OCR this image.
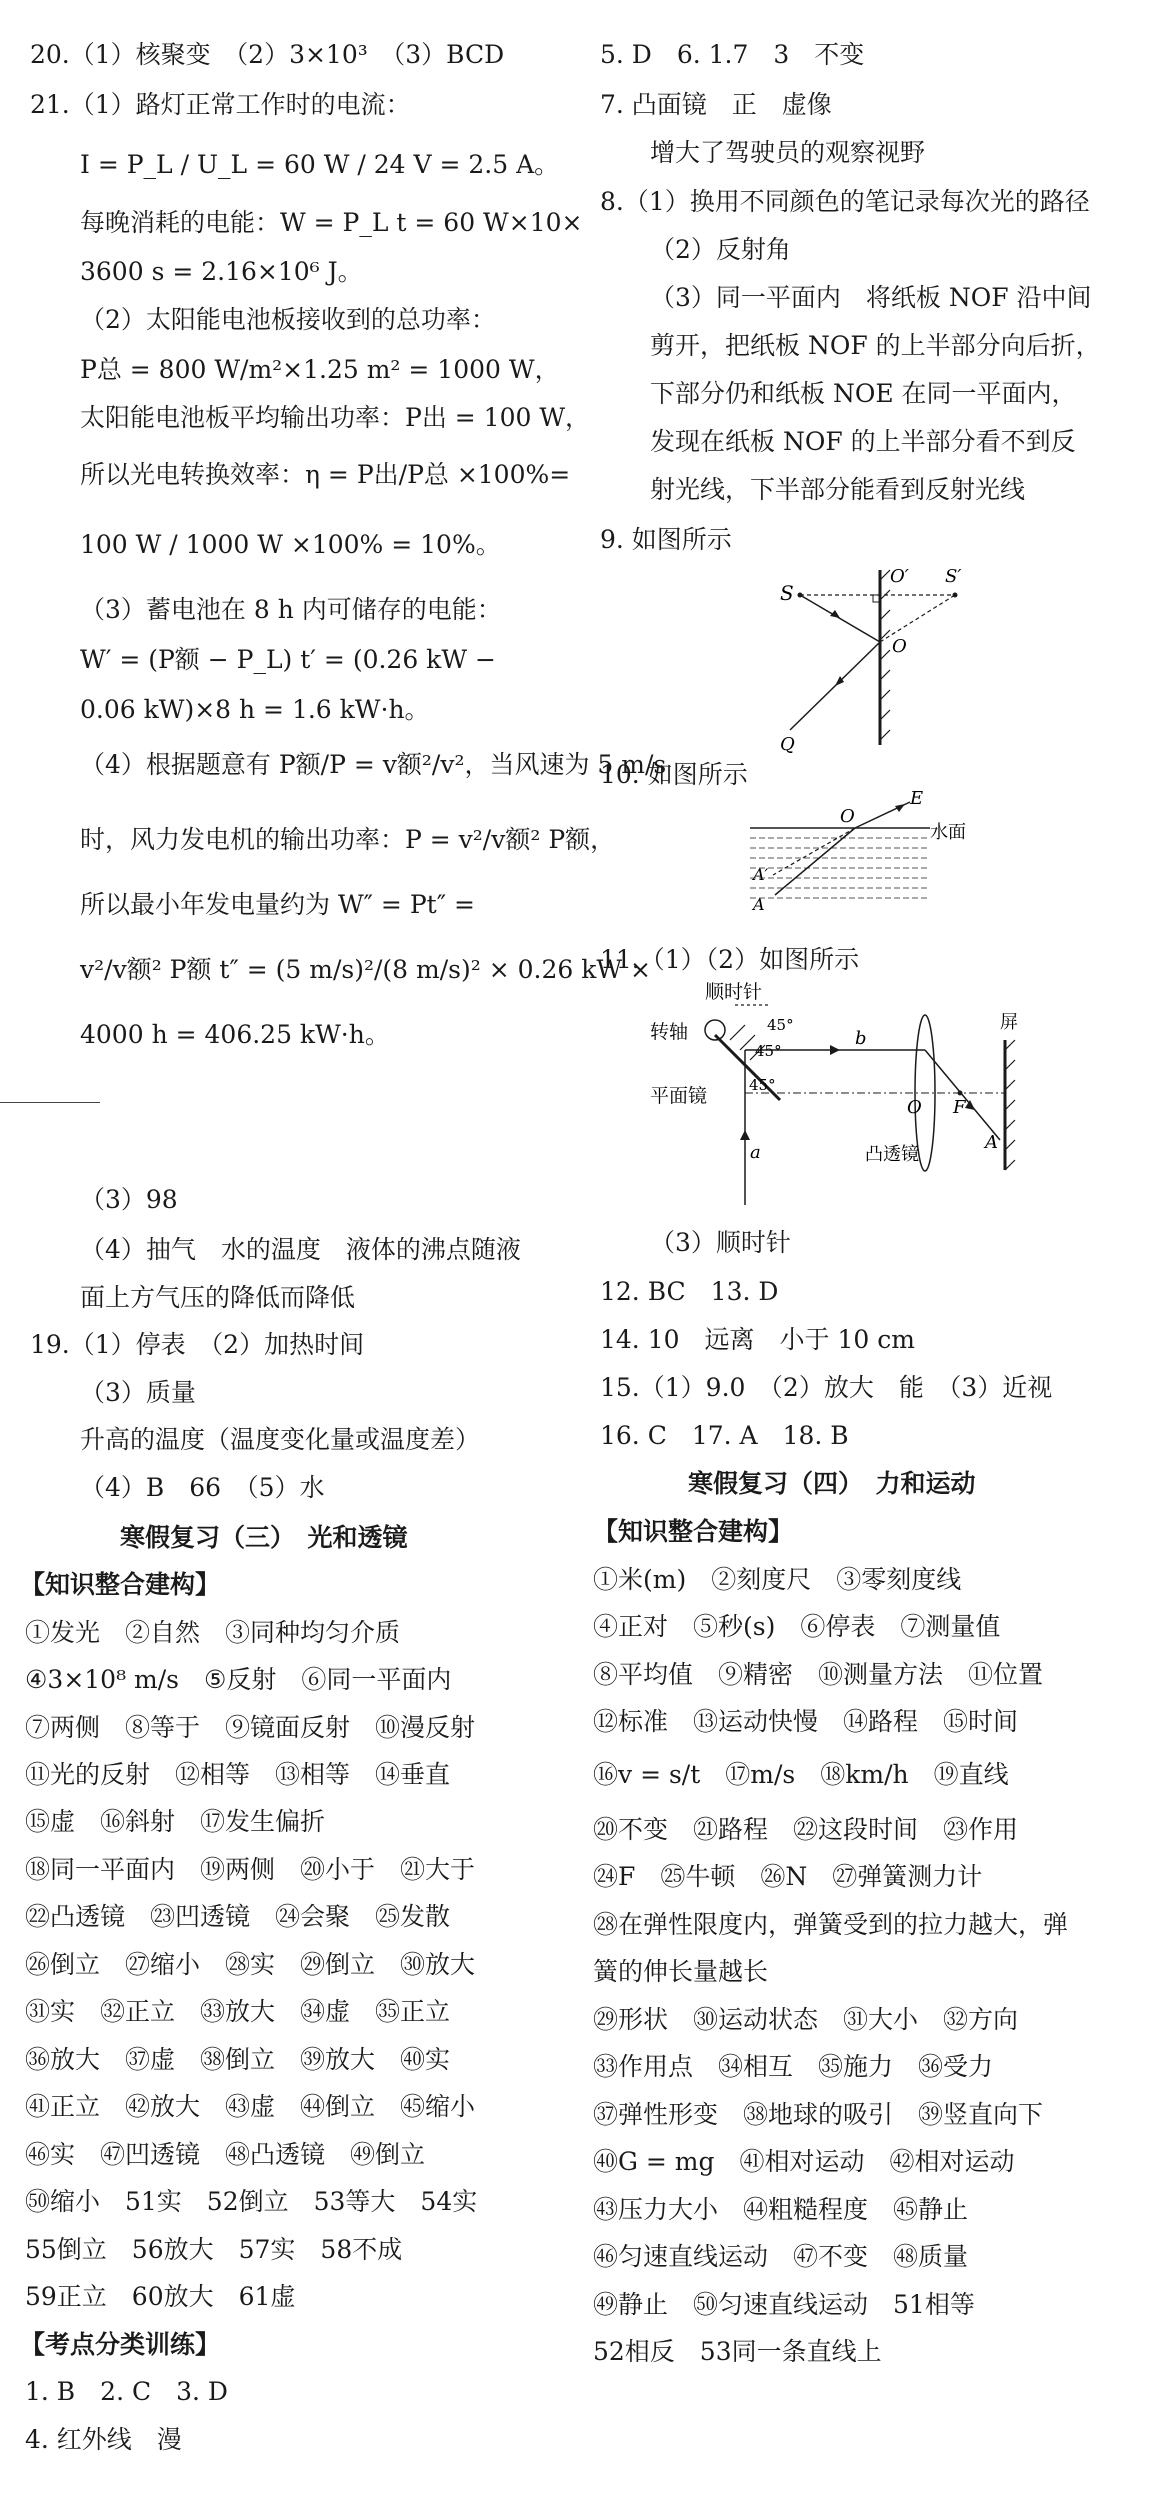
20.（1）核聚变　（2）3×10³　（3）BCD
21.（1）路灯正常工作时的电流：
I = P_L / U_L = 60 W / 24 V = 2.5 A。
每晚消耗的电能：W = P_L t = 60 W×10×
3600 s = 2.16×10⁶ J。
（2）太阳能电池板接收到的总功率：
P总 = 800 W/m²×1.25 m² = 1000 W，
太阳能电池板平均输出功率：P出 = 100 W，
所以光电转换效率：η = P出/P总 ×100%=
100 W / 1000 W ×100% = 10%。
（3）蓄电池在 8 h 内可储存的电能：
W′ = (P额 − P_L) t′ = (0.26 kW −
0.06 kW)×8 h = 1.6 kW·h。
（4）根据题意有 P额/P = v额²/v²，当风速为 5 m/s
时，风力发电机的输出功率：P = v²/v额² P额，
所以最小年发电量约为 W″ = Pt″ =
v²/v额² P额 t″ = (5 m/s)²/(8 m/s)² × 0.26 kW ×
4000 h = 406.25 kW·h。
（3）98
（4）抽气　水的温度　液体的沸点随液
面上方气压的降低而降低
19.（1）停表　（2）加热时间
（3）质量
升高的温度（温度变化量或温度差）
（4）B　66　（5）水
寒假复习（三）　光和透镜
【知识整合建构】
①发光　②自然　③同种均匀介质
④3×10⁸ m/s　⑤反射　⑥同一平面内
⑦两侧　⑧等于　⑨镜面反射　⑩漫反射
⑪光的反射　⑫相等　⑬相等　⑭垂直
⑮虚　⑯斜射　⑰发生偏折
⑱同一平面内　⑲两侧　⑳小于　㉑大于
㉒凸透镜　㉓凹透镜　㉔会聚　㉕发散
㉖倒立　㉗缩小　㉘实　㉙倒立　㉚放大
㉛实　㉜正立　㉝放大　㉞虚　㉟正立
㊱放大　㊲虚　㊳倒立　㊴放大　㊵实
㊶正立　㊷放大　㊸虚　㊹倒立　㊺缩小
㊻实　㊼凹透镜　㊽凸透镜　㊾倒立
㊿缩小　51实　52倒立　53等大　54实
55倒立　56放大　57实　58不成
59正立　60放大　61虚
【考点分类训练】
1. B　2. C　3. D
4. 红外线　漫
5. D　6. 1.7　3　不变
7. 凸面镜　正　虚像
增大了驾驶员的观察视野
8.（1）换用不同颜色的笔记录每次光的路径
（2）反射角
（3）同一平面内　将纸板 NOF 沿中间
剪开，把纸板 NOF 的上半部分向后折，
下部分仍和纸板 NOE 在同一平面内，
发现在纸板 NOF 的上半部分看不到反
射光线，下半部分能看到反射光线
9. 如图所示
10. 如图所示
11.（1）（2）如图所示
（3）顺时针
12. BC　13. D
14. 10　远离　小于 10 cm
15.（1）9.0　（2）放大　能　（3）近视
16. C　17. A　18. B
寒假复习（四）　力和运动
【知识整合建构】
①米(m)　②刻度尺　③零刻度线
④正对　⑤秒(s)　⑥停表　⑦测量值
⑧平均值　⑨精密　⑩测量方法　⑪位置
⑫标准　⑬运动快慢　⑭路程　⑮时间
⑯v = s/t　⑰m/s　⑱km/h　⑲直线
⑳不变　㉑路程　㉒这段时间　㉓作用
㉔F　㉕牛顿　㉖N　㉗弹簧测力计
㉘在弹性限度内，弹簧受到的拉力越大，弹
簧的伸长量越长
㉙形状　㉚运动状态　㉛大小　㉜方向
㉝作用点　㉞相互　㉟施力　㊱受力
㊲弹性形变　㊳地球的吸引　㊴竖直向下
㊵G = mg　㊶相对运动　㊷相对运动
㊸压力大小　㊹粗糙程度　㊺静止
㊻匀速直线运动　㊼不变　㊽质量
㊾静止　㊿匀速直线运动　51相等
52相反　53同一条直线上
S
O′ S′
O
Q
E
O
水面
A
A′
顺时针
转轴
平面镜
45°
45°
45°
b
a
O F
A
凸透镜
屏
